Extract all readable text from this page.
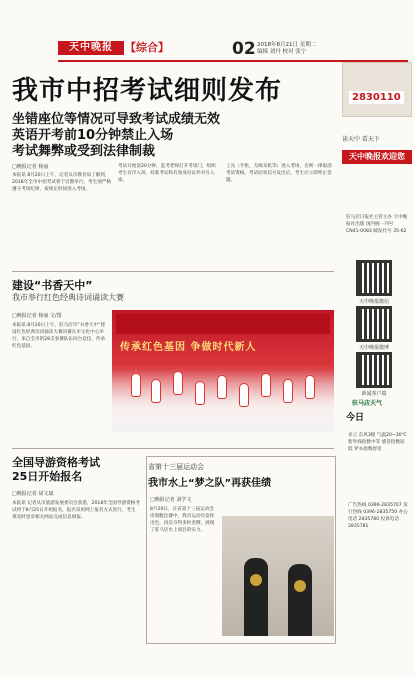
天中晚报	【综合】	02 2018年8月21日 星期二
编辑 刘丹 校对 张宁
我市中招考试细则发布
坐错座位等情况可导致考试成绩无效
英语开考前10分钟禁止入场
考试舞弊或受到法律制裁
□晚报记者 杨丽
本报讯 8月20日上午，记者从市教育局了解到，2018年全市中招考试将于近期举行，考生须严格遵守考场纪律，按规定时间进入考场。
考试开始前20分钟，监考老师打开考场门，组织考生有序入场，持准考证和有效身份证件对号入座。
工具（手机、无线耳机等）进入考场，否则一律取消考试资格。考试结束信号发出后，考生应立即停止答题。
2830110
读天中 看天下
天中晚报欢迎您
驻马店日报社主管主办 天中晚报社出版 国内统一刊号 CN41-0083 邮发代号 35-62
天中晚报微信
天中晚报微博
新闻客户端
驻马店天气
今日
多云 东风3级 气温20~30℃ 紫外线指数中等 感冒指数较低 穿衣指数舒适
广告热线 0396-2835707 发行热线 0396-2835750 办公电话 2835780 投诉电话 2835781
建设“书香天中”
我市举行红色经典诗词诵读大赛
□晚报记者 杨丽 文/图
本报讯 8月20日上午，驻马店市“书香天中”建设红色经典诗词诵读大赛决赛在市文化中心举行，来自全市的28支参赛队伍同台竞技，传承红色基因。	传承红色基因 争做时代新人
全国导游资格考试
25日开始报名
□晚报记者 胡文斌
本报讯 记者从市旅游发展委员会获悉，2018年全国导游资格考试将于8月25日开始报名，报名采用网上报名方式进行，考生须及时登录相关网站完成信息填报。
省第十三届运动会
我市水上“梦之队”再获佳绩
□晚报记者 刘学文
8月20日，在省第十三届运动会皮划艇比赛中，我市运动员发挥出色，再次夺得多枚金牌，展现了驻马店水上项目的实力。
